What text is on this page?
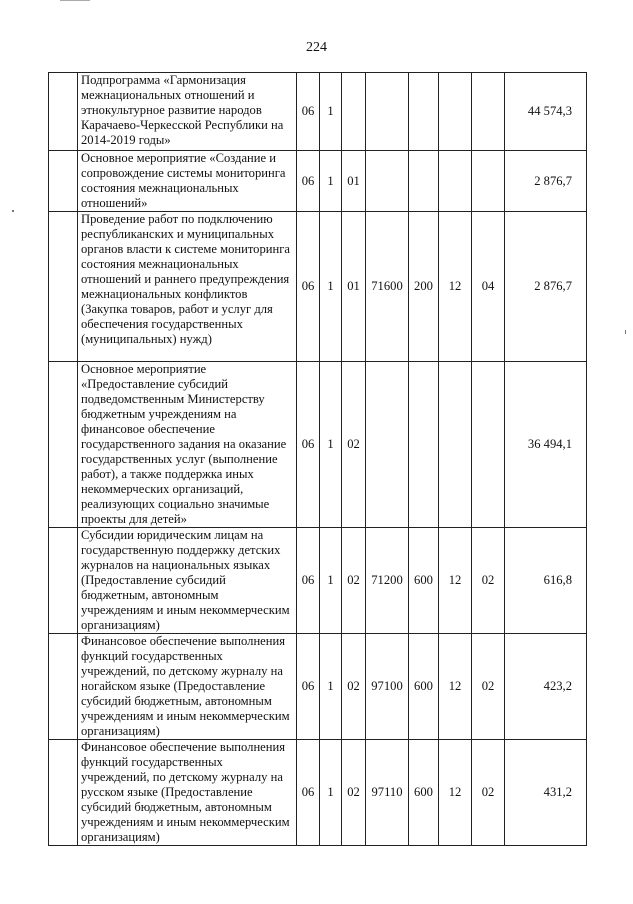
224
	Подпрограмма «Гармонизация межнациональных отношений и этнокультурное развитие народов Карачаево-Черкесской Республики на 2014-2019 годы»	06	1						44 574,3
	Основное мероприятие «Создание и сопровождение системы мониторинга состояния межнациональных отношений»	06	1	01					2 876,7
	Проведение работ по подключению республиканских и муниципальных органов власти к системе мониторинга состояния межнациональных отношений и раннего предупреждения межнациональных конфликтов (Закупка товаров, работ и услуг для обеспечения государственных (муниципальных) нужд)	06	1	01	71600	200	12	04	2 876,7
	Основное мероприятие «Предоставление субсидий подведомственным Министерству бюджетным учреждениям на финансовое обеспечение государственного задания на оказание государственных услуг (выполнение работ), а также поддержка иных некоммерческих организаций, реализующих социально значимые проекты для детей»	06	1	02					36 494,1
	Субсидии юридическим лицам на государственную поддержку детских журналов на национальных языках (Предоставление субсидий бюджетным, автономным учреждениям и иным некоммерческим организациям)	06	1	02	71200	600	12	02	616,8
	Финансовое обеспечение выполнения функций государственных учреждений, по детскому журналу на ногайском языке (Предоставление субсидий бюджетным, автономным учреждениям и иным некоммерческим организациям)	06	1	02	97100	600	12	02	423,2
	Финансовое обеспечение выполнения функций государственных учреждений, по детскому журналу на русском языке (Предоставление субсидий бюджетным, автономным учреждениям и иным некоммерческим организациям)	06	1	02	97110	600	12	02	431,2
